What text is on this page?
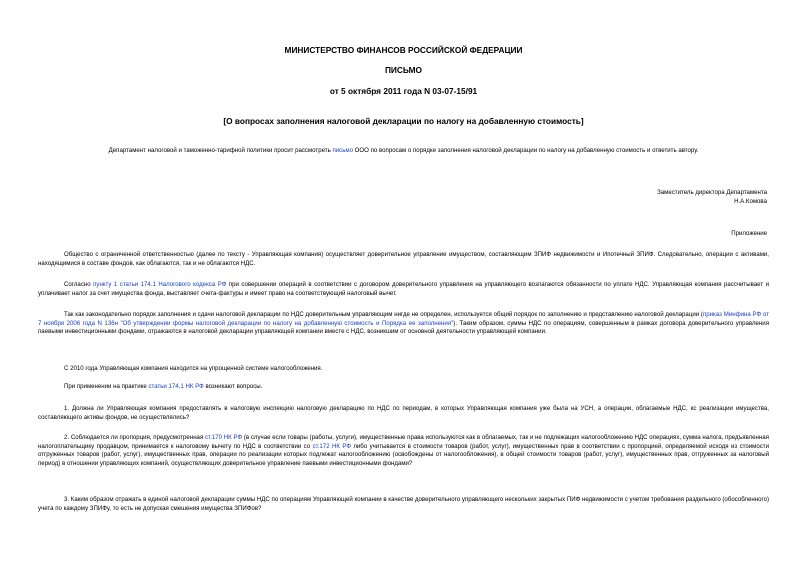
МИНИСТЕРСТВО ФИНАНСОВ РОССИЙСКОЙ ФЕДЕРАЦИИ
ПИСЬМО
от 5 октября 2011 года N 03-07-15/91
[О вопросах заполнения налоговой декларации по налогу на добавленную стоимость]
Департамент налоговой и таможенно-тарифной политики просит рассмотреть письмо ООО по вопросам о порядке заполнения налоговой декларации по налогу на добавленную стоимость и ответить автору.
Заместитель директора Департамента
Н.А.Комова
Приложение

Общество с ограниченной ответственностью (далее по тексту - Управляющая компания) осуществляет доверительное управление имуществом, составляющим ЗПИФ недвижимости и Ипотечный ЗПИФ. Следовательно, операции с активами, находящимися в составе фондов, как облагаются, так и не облагаются НДС.

Согласно пункту 1 статьи 174.1 Налогового кодекса РФ при совершении операций в соответствии с договором доверительного управления на управляющего возлагаются обязанности по уплате НДС. Управляющая компания рассчитывает и уплачивает налог за счет имущества фонда, выставляет счета-фактуры и имеет право на соответствующий налоговый вычет.

Так как законодательно порядок заполнения и сдачи налоговой декларации по НДС доверительным управляющим нигде не определен, используется общий порядок по заполнению и представлению налоговой декларации (приказ Минфина РФ от 7 ноября 2006 года N 136н "Об утверждении формы налоговой декларации по налогу на добавленную стоимость и Порядка ее заполнения"). Таким образом, суммы НДС по операциям, совершенным в рамках договора доверительного управления паевыми инвестиционными фондами, отражаются в налоговой декларации управляющей компании вместе с НДС, возникшим от основной деятельности управляющей компании.

С 2010 года Управляющая компания находится на упрощенной системе налогообложения.

При применении на практике статьи 174.1 НК РФ возникают вопросы.

1. Должна ли Управляющая компания предоставлять в налоговую инспекцию налоговую декларацию по НДС по периодам, в которых Управляющая компания уже была на УСН, а операции, облагаемые НДС, кс реализации имущества, составляющего активы фондов, не осуществлялись?

2. Соблюдается ли пропорция, предусмотренная ст.170 НК РФ (в случае если товары (работы, услуги), имущественные права используются как в облагаемых, так и не подлежащих налогообложению НДС операциях, сумма налога, предъявленная налогоплательщику продавцом, принимается к налоговому вычету по НДС в соответствии со ст.172 НК РФ либо учитывается в стоимости товаров (работ, услуг), имущественных прав в соответствии с пропорцией, определяемой исходя из стоимости отгруженных товаров (работ, услуг), имущественных прав, операции по реализации которых подлежат налогообложению (освобождены от налогообложения), в общей стоимости товаров (работ, услуг), имущественных прав, отгруженных за налоговый период) в отношении управляющих компаний, осуществляющих доверительное управление паевыми инвестиционными фондами?

3. Каким образом отражать в единой налоговой декларации суммы НДС по операциям Управляющей компании в качестве доверительного управляющего нескольких закрытых ПИФ недвижимости с учетом требования раздельного (обособленного) учета по каждому ЗПИФу, то есть не допуская смешения имущества ЗПИФов?
